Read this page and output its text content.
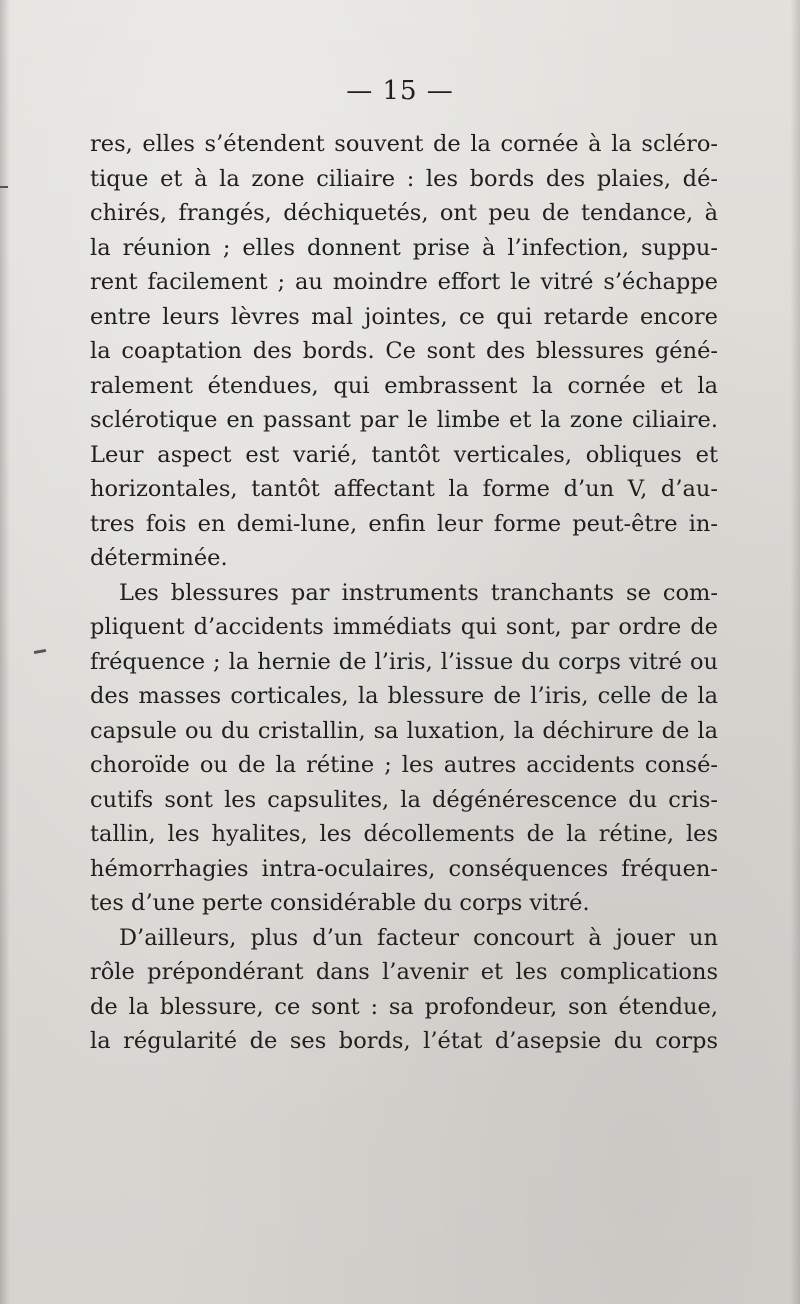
— 15 —
res, elles s’étendent souvent de la cornée à la scléro-
tique et à la zone ciliaire : les bords des plaies, dé-
chirés, frangés, déchiquetés, ont peu de tendance, à
la réunion ; elles donnent prise à l’infection, suppu-
rent facilement ; au moindre effort le vitré s’échappe
entre leurs lèvres mal jointes, ce qui retarde encore
la coaptation des bords. Ce sont des blessures géné-
ralement étendues, qui embrassent la cornée et la
sclérotique en passant par le limbe et la zone ciliaire.
Leur aspect est varié, tantôt verticales, obliques et
horizontales, tantôt affectant la forme d’un V, d’au-
tres fois en demi-lune, enfin leur forme peut-être in-
déterminée.
Les blessures par instruments tranchants se com-
pliquent d’accidents immédiats qui sont, par ordre de
fréquence ; la hernie de l’iris, l’issue du corps vitré ou
des masses corticales, la blessure de l’iris, celle de la
capsule ou du cristallin, sa luxation, la déchirure de la
choroïde ou de la rétine ; les autres accidents consé-
cutifs sont les capsulites, la dégénérescence du cris-
tallin, les hyalites, les décollements de la rétine, les
hémorrhagies intra-oculaires, conséquences fréquen-
tes d’une perte considérable du corps vitré.
D’ailleurs, plus d’un facteur concourt à jouer un
rôle prépondérant dans l’avenir et les complications
de la blessure, ce sont : sa profondeur, son étendue,
la régularité de ses bords, l’état d’asepsie du corps
